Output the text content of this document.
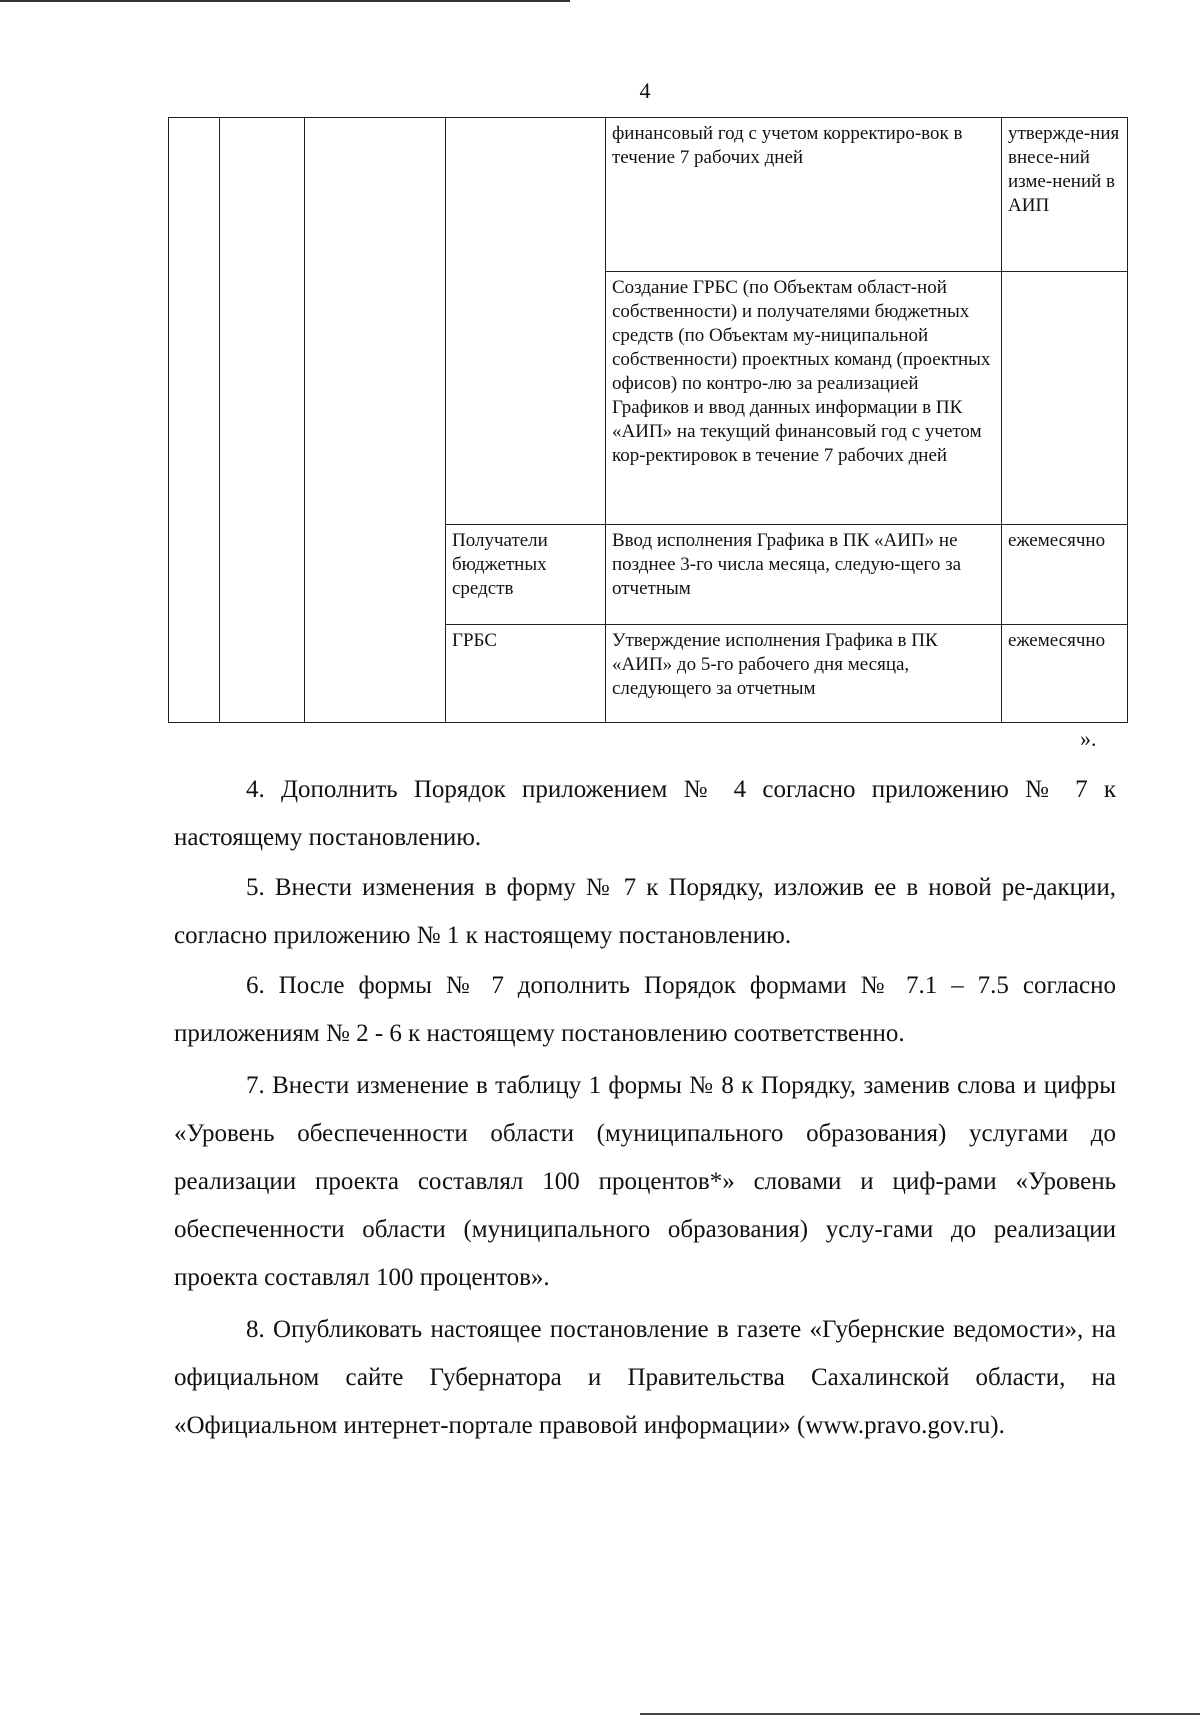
4
				финансовый год с учетом корректиро-вок в течение 7 рабочих дней	утвержде-ния внесе-ний изме-нений в АИП
				Создание ГРБС (по Объектам област-ной собственности) и получателями бюджетных средств (по Объектам му-ниципальной собственности) проектных команд (проектных офисов) по контро-лю за реализацией Графиков и ввод данных информации в ПК «АИП» на текущий финансовый год с учетом кор-ректировок в течение 7 рабочих дней	
			Получатели бюджетных средств	Ввод исполнения Графика в ПК «АИП» не позднее 3-го числа месяца, следую-щего за отчетным	ежемесячно
			ГРБС	Утверждение исполнения Графика в ПК «АИП» до 5-го рабочего дня месяца, следующего за отчетным	ежемесячно
».

4. Дополнить Порядок приложением № 4 согласно приложению № 7 к настоящему постановлению.

5. Внести изменения в форму № 7 к Порядку, изложив ее в новой ре-дакции, согласно приложению № 1 к настоящему постановлению.

6. После формы № 7 дополнить Порядок формами № 7.1 – 7.5 согласно приложениям № 2 - 6 к настоящему постановлению соответственно.

7. Внести изменение в таблицу 1 формы № 8 к Порядку, заменив слова и цифры «Уровень обеспеченности области (муниципального образования) услугами до реализации проекта составлял 100 процентов*» словами и циф-рами «Уровень обеспеченности области (муниципального образования) услу-гами до реализации проекта составлял 100 процентов».

8. Опубликовать настоящее постановление в газете «Губернские ведомости», на официальном сайте Губернатора и Правительства Сахалинской области, на «Официальном интернет-портале правовой информации» (www.pravo.gov.ru).
